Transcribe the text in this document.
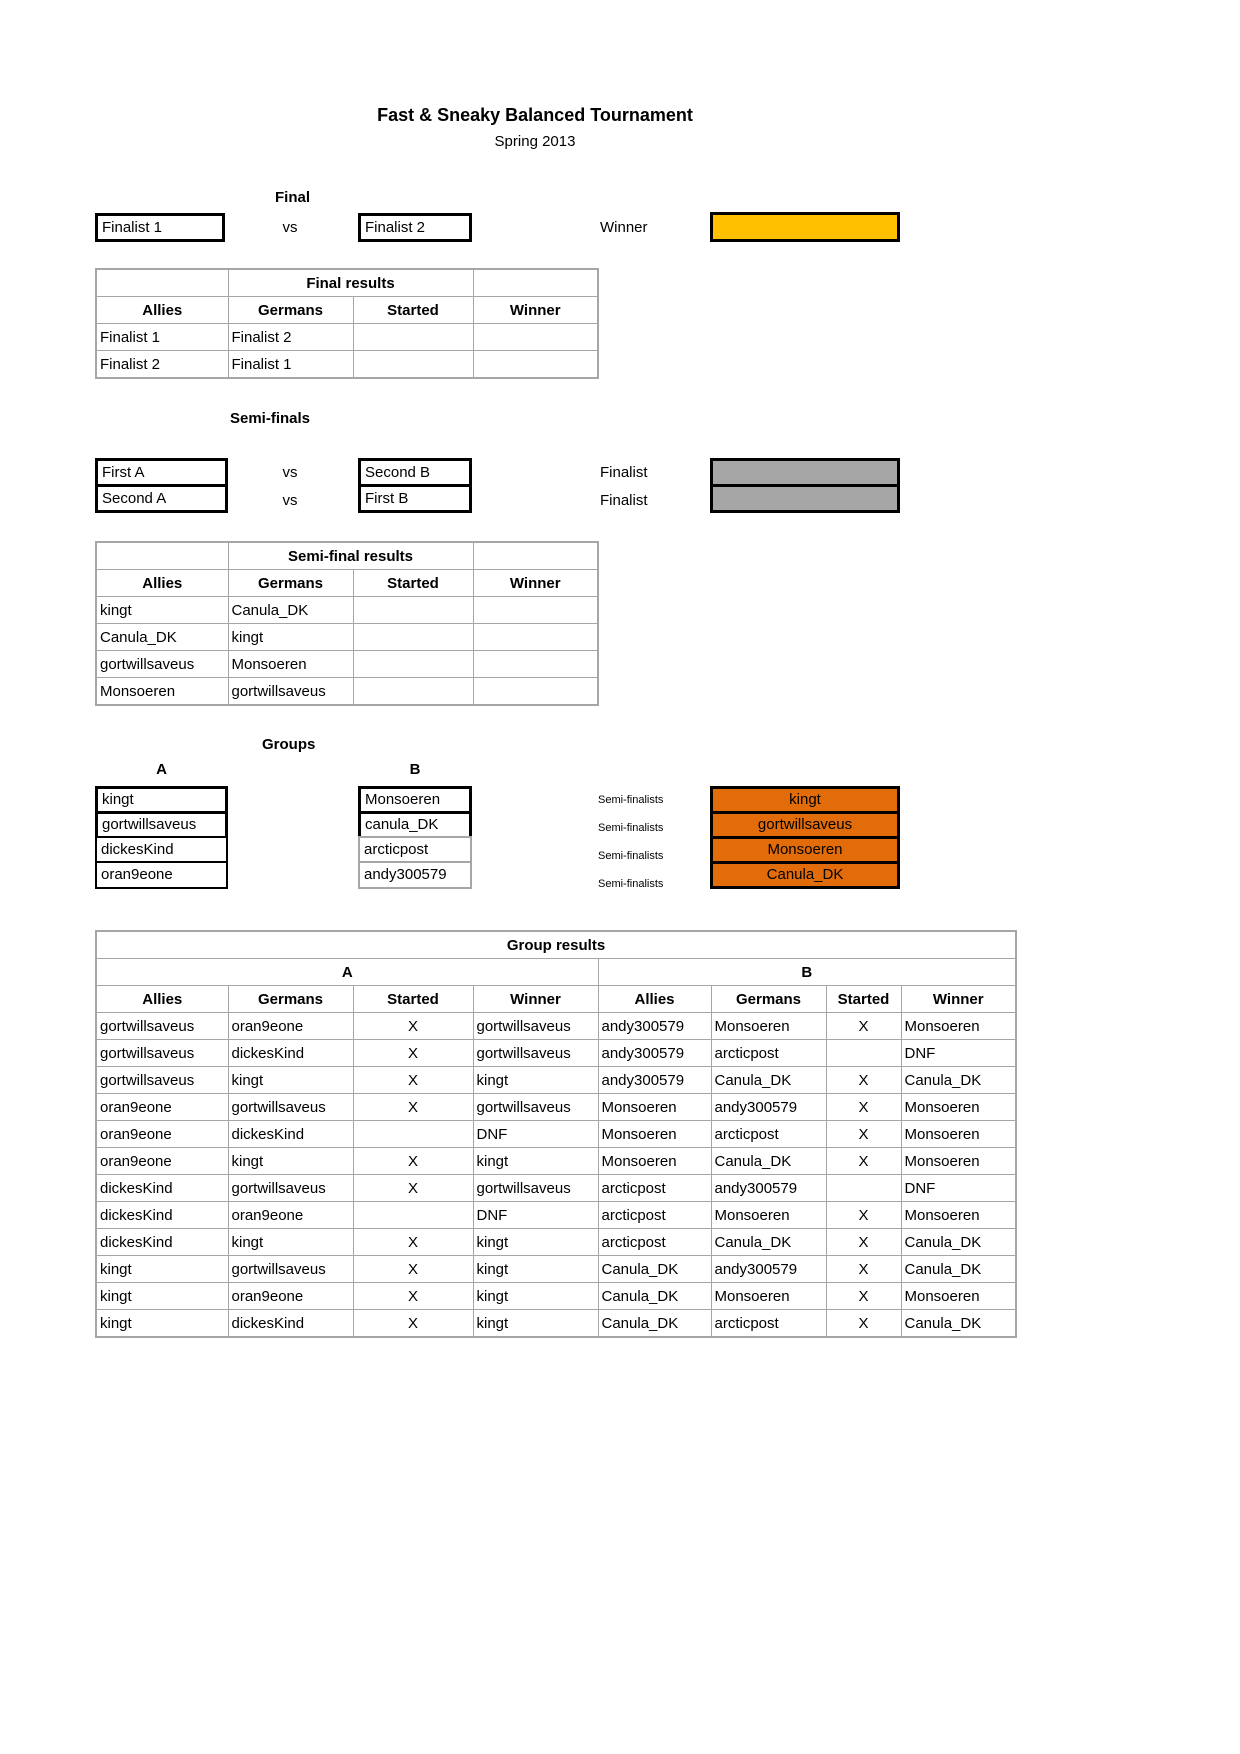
Fast & Sneaky Balanced Tournament
Spring 2013
Final
Finalist 1	vs	Finalist 2	Winner
	Final results		
Allies	Germans	Started	Winner
Finalist 1	Finalist 2		
Finalist 2	Finalist 1		
Semi-finals
First A
Second A
vs
vs
Second B
First B
Finalist
Finalist
	Semi-final results		
Allies	Germans	Started	Winner
kingt	Canula_DK		
Canula_DK	kingt		
gortwillsaveus	Monsoeren		
Monsoeren	gortwillsaveus		
Groups
A	B
kingt
gortwillsaveus
dickesKind
oran9eone
Monsoeren
canula_DK
arcticpost
andy300579
Semi-finalists
Semi-finalists
Semi-finalists
Semi-finalists
kingt
gortwillsaveus
Monsoeren
Canula_DK
Group results							
A				B			
Allies	Germans	Started	Winner	Allies	Germans	Started	Winner
gortwillsaveus	oran9eone	X	gortwillsaveus	andy300579	Monsoeren	X	Monsoeren
gortwillsaveus	dickesKind	X	gortwillsaveus	andy300579	arcticpost		DNF
gortwillsaveus	kingt	X	kingt	andy300579	Canula_DK	X	Canula_DK
oran9eone	gortwillsaveus	X	gortwillsaveus	Monsoeren	andy300579	X	Monsoeren
oran9eone	dickesKind		DNF	Monsoeren	arcticpost	X	Monsoeren
oran9eone	kingt	X	kingt	Monsoeren	Canula_DK	X	Monsoeren
dickesKind	gortwillsaveus	X	gortwillsaveus	arcticpost	andy300579		DNF
dickesKind	oran9eone		DNF	arcticpost	Monsoeren	X	Monsoeren
dickesKind	kingt	X	kingt	arcticpost	Canula_DK	X	Canula_DK
kingt	gortwillsaveus	X	kingt	Canula_DK	andy300579	X	Canula_DK
kingt	oran9eone	X	kingt	Canula_DK	Monsoeren	X	Monsoeren
kingt	dickesKind	X	kingt	Canula_DK	arcticpost	X	Canula_DK
